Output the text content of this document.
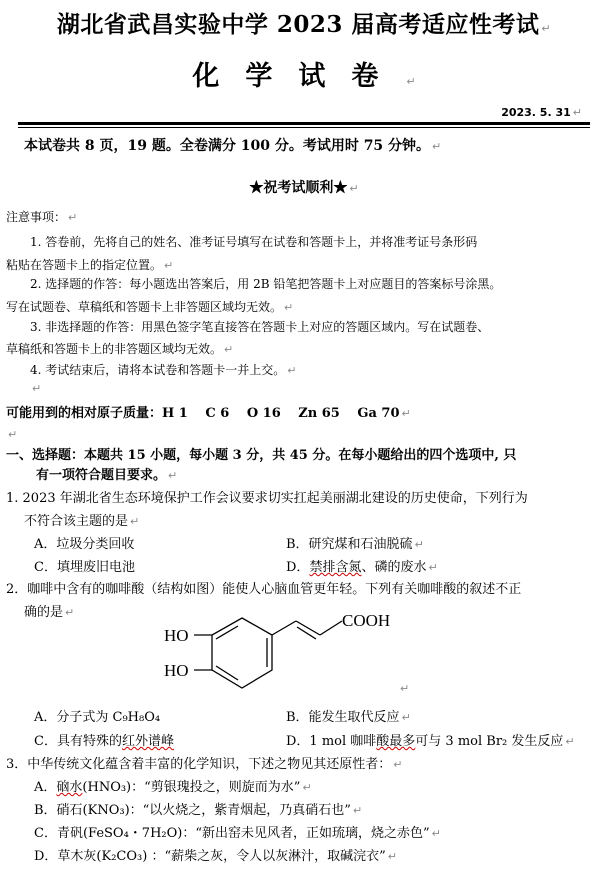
湖北省武昌实验中学 2023 届高考适应性考试 ↵
化学试卷 ↵
2023. 5. 31 ↵
本试卷共 8 页，19 题。全卷满分 100 分。考试用时 75 分钟。 ↵
★祝考试顺利★ ↵
注意事项： ↵
1. 答卷前，先将自己的姓名、准考证号填写在试卷和答题卡上，并将准考证号条形码
粘贴在答题卡上的指定位置。 ↵
2. 选择题的作答：每小题选出答案后，用 2B 铅笔把答题卡上对应题目的答案标号涂黑。
写在试题卷、草稿纸和答题卡上非答题区域均无效。 ↵
3. 非选择题的作答：用黑色签字笔直接答在答题卡上对应的答题区域内。写在试题卷、
草稿纸和答题卡上的非答题区域均无效。 ↵
4. 考试结束后，请将本试卷和答题卡一并上交。 ↵
↵
可能用到的相对原子质量：H 1　 C 6　 O 16　 Zn 65　 Ga 70 ↵
↵
一、选择题：本题共 15 小题，每小题 3 分，共 45 分。在每小题给出的四个选项中, 只
有一项符合题目要求。 ↵
1. 2023 年湖北省生态环境保护工作会议要求切实扛起美丽湖北建设的历史使命，下列行为
不符合该主题的是 ↵
A．垃圾分类回收	B．研究煤和石油脱硫 ↵
C．填埋废旧电池	D．禁排含氮、磷的废水 ↵
2．咖啡中含有的咖啡酸（结构如图）能使人心脑血管更年轻。下列有关咖啡酸的叙述不正
确的是 ↵
HO
HO
COOH
↵
A．分子式为 C₉H₈O₄	B．能发生取代反应 ↵
C．具有特殊的红外谱峰	D．1 mol 咖啡酸最多可与 3 mol Br₂ 发生反应 ↵
3．中华传统文化蕴含着丰富的化学知识，下述之物见其还原性者： ↵
A．硇水(HNO₃)：“剪银瑰投之，则旋而为水” ↵
B．硝石(KNO₃)：“以火烧之，紫青烟起，乃真硝石也” ↵
C．青矾(FeSO₄・7H₂O)：“新出窑未见风者，正如琉璃，烧之赤色” ↵
D．草木灰(K₂CO₃) ：“薪柴之灰，令人以灰淋汁，取碱浣衣” ↵
